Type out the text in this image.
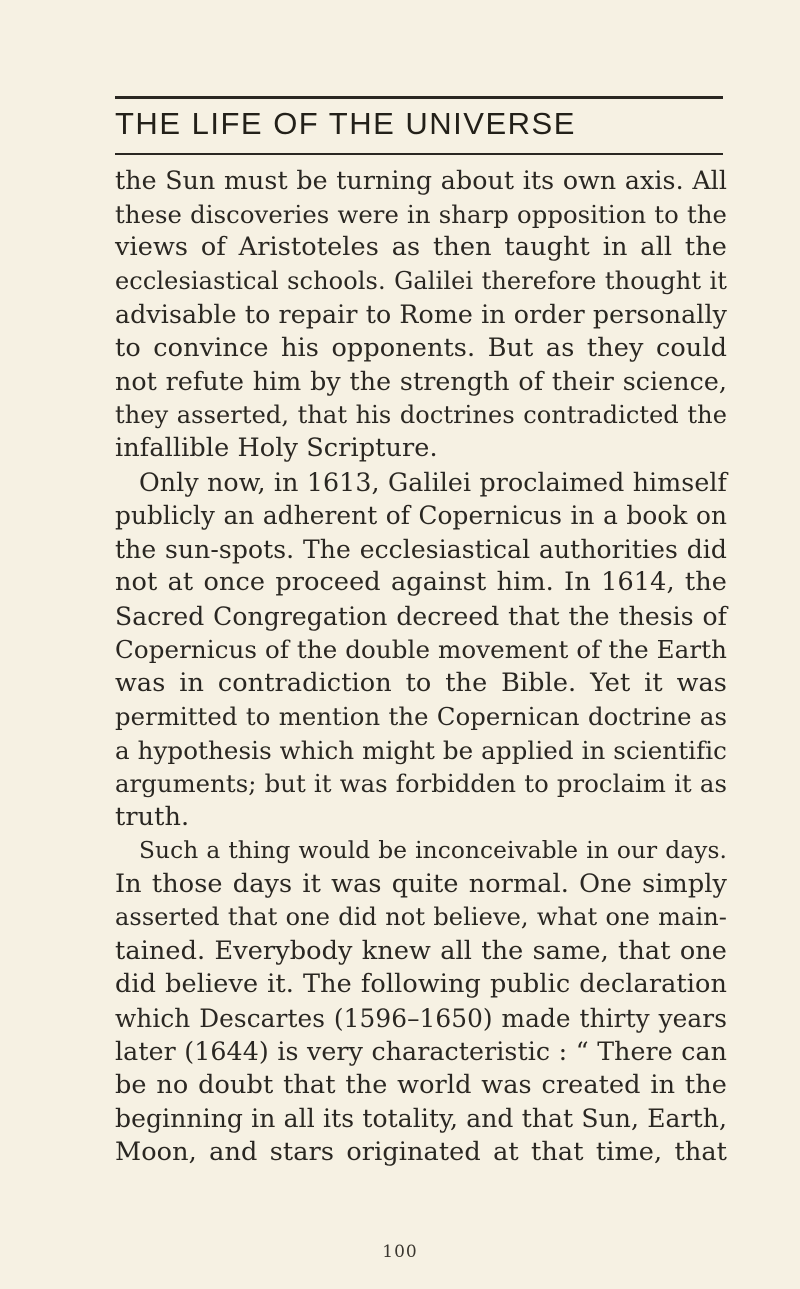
THE LIFE OF THE UNIVERSE
the Sun must be turning about its own axis. All
these discoveries were in sharp opposition to the
views of Aristoteles as then taught in all the
ecclesiastical schools. Galilei therefore thought it
advisable to repair to Rome in order personally
to convince his opponents. But as they could
not refute him by the strength of their science,
they asserted, that his doctrines contradicted the
infallible Holy Scripture.
Only now, in 1613, Galilei proclaimed himself
publicly an adherent of Copernicus in a book on
the sun-spots. The ecclesiastical authorities did
not at once proceed against him. In 1614, the
Sacred Congregation decreed that the thesis of
Copernicus of the double movement of the Earth
was in contradiction to the Bible. Yet it was
permitted to mention the Copernican doctrine as
a hypothesis which might be applied in scientific
arguments; but it was forbidden to proclaim it as
truth.
Such a thing would be inconceivable in our days.
In those days it was quite normal. One simply
asserted that one did not believe, what one main-
tained. Everybody knew all the same, that one
did believe it. The following public declaration
which Descartes (1596–1650) made thirty years
later (1644) is very characteristic : “ There can
be no doubt that the world was created in the
beginning in all its totality, and that Sun, Earth,
Moon, and stars originated at that time, that
100
